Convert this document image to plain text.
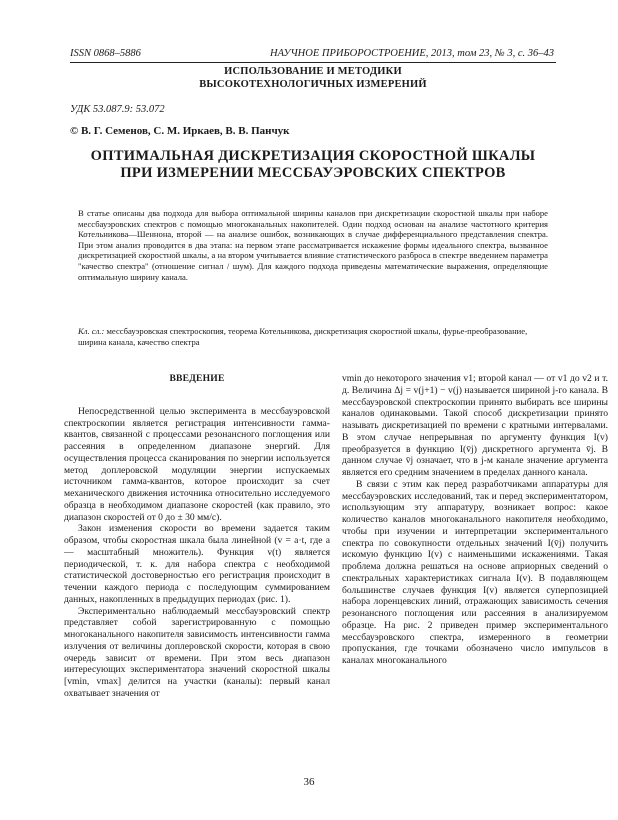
ISSN 0868–5886	НАУЧНОЕ ПРИБОРОСТРОЕНИЕ, 2013, том 23, № 3, с. 36–43
ИСПОЛЬЗОВАНИЕ И МЕТОДИКИ
ВЫСОКОТЕХНОЛОГИЧНЫХ ИЗМЕРЕНИЙ
УДК 53.087.9: 53.072
© В. Г. Семенов, С. М. Иркаев, В. В. Панчук
ОПТИМАЛЬНАЯ ДИСКРЕТИЗАЦИЯ СКОРОСТНОЙ ШКАЛЫ
ПРИ ИЗМЕРЕНИИ МЕССБАУЭРОВСКИХ СПЕКТРОВ
В статье описаны два подхода для выбора оптимальной ширины каналов при дискретизации скоростной шкалы при наборе мессбауэровских спектров с помощью многоканальных накопителей. Один подход основан на анализе частотного критерия Котельникова—Шеннона, второй — на анализе ошибок, возникающих в случае дифференциального представления спектра. При этом анализ проводится в два этапа: на первом этапе рассматривается искажение формы идеального спектра, вызванное дискретизацией скоростной шкалы, а на втором учитывается влияние статистического разброса в спектре введением параметра "качество спектра" (отношение сигнал / шум). Для каждого подхода приведены математические выражения, определяющие оптимальную ширину канала.
Кл. сл.: мессбауэровская спектроскопия, теорема Котельникова, дискретизация скоростной шкалы, фурье-преобразование, ширина канала, качество спектра
ВВЕДЕНИЕ

Непосредственной целью эксперимента в мессбауэровской спектроскопии является регистрация интенсивности гамма-квантов, связанной с процессами резонансного поглощения или рассеяния в определенном диапазоне энергий. Для осуществления процесса сканирования по энергии используется метод доплеровской модуляции энергии испускаемых источником гамма-квантов, которое происходит за счет механического движения источника относительно исследуемого образца в необходимом диапазоне скоростей (как правило, это диапазон скоростей от 0 до ± 30 мм/с).

Закон изменения скорости во времени задается таким образом, чтобы скоростная шкала была линейной (v = a·t, где a — масштабный множитель). Функция v(t) является периодической, т. к. для набора спектра с необходимой статистической достоверностью его регистрация происходит в течении каждого периода с последующим суммированием данных, накопленных в предыдущих периодах (рис. 1).

Экспериментально наблюдаемый мессбауэровский спектр представляет собой зарегистрированную с помощью многоканального накопителя зависимость интенсивности гамма излучения от величины доплеровской скорости, которая в свою очередь зависит от времени. При этом весь диапазон интересующих экспериментатора значений скоростной шкалы [vmin, vmax] делится на участки (каналы): первый канал охватывает значения от

vmin до некоторого значения v1; второй канал — от v1 до v2 и т. д. Величина Δj = v(j+1) − v(j) называется шириной j-го канала. В мессбауэровской спектроскопии принято выбирать все ширины каналов одинаковыми. Такой способ дискретизации принято называть дискретизацией по времени с кратными интервалами. В этом случае непрерывная по аргументу функция I(v) преобразуется в функцию I(v̄j) дискретного аргумента v̄j. В данном случае v̄j означает, что в j-м канале значение аргумента является его средним значением в пределах данного канала.

В связи с этим как перед разработчиками аппаратуры для мессбауэровских исследований, так и перед экспериментатором, использующим эту аппаратуру, возникает вопрос: какое количество каналов многоканального накопителя необходимо, чтобы при изучении и интерпретации экспериментального спектра по совокупности отдельных значений I(v̄j) получить искомую функцию I(v) с наименьшими искажениями. Такая проблема должна решаться на основе априорных сведений о спектральных характеристиках сигнала I(v). В подавляющем большинстве случаев функция I(v) является суперпозицией набора лоренцевских линий, отражающих зависимость сечения резонансного поглощения или рассеяния в анализируемом образце. На рис. 2 приведен пример экспериментального мессбауэровского спектра, измеренного в геометрии пропускания, где точками обозначено число импульсов в каналах многоканального

36
